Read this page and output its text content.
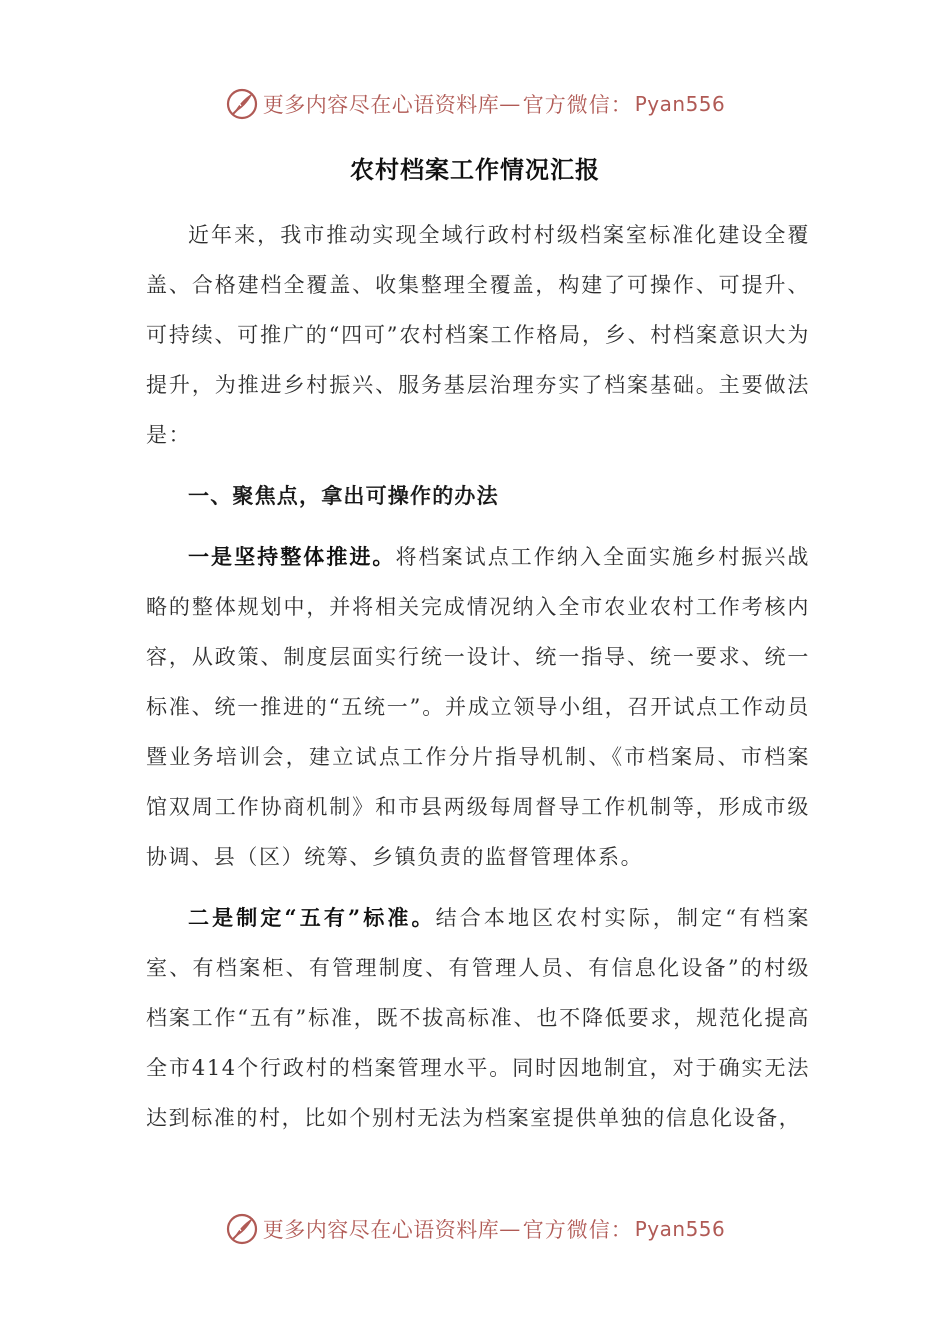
更多内容尽在心语资料库 — 官方微信： Pyan556
农村档案工作情况汇报

近年来，我市推动实现全域行政村村级档案室标准化建设全覆盖、合格建档全覆盖、收集整理全覆盖，构建了可操作、可提升、可持续、可推广的“四可”农村档案工作格局，乡、村档案意识大为提升，为推进乡村振兴、服务基层治理夯实了档案基础。主要做法是：

一、聚焦点，拿出可操作的办法

一是坚持整体推进。将档案试点工作纳入全面实施乡村振兴战略的整体规划中，并将相关完成情况纳入全市农业农村工作考核内容，从政策、制度层面实行统一设计、统一指导、统一要求、统一标准、统一推进的“五统一”。并成立领导小组，召开试点工作动员暨业务培训会，建立试点工作分片指导机制、《市档案局、市档案馆双周工作协商机制》和市县两级每周督导工作机制等，形成市级协调、县（区）统筹、乡镇负责的监督管理体系。

二是制定“五有”标准。结合本地区农村实际，制定“有档案室、有档案柜、有管理制度、有管理人员、有信息化设备”的村级档案工作“五有”标准，既不拔高标准、也不降低要求，规范化提高全市414个行政村的档案管理水平。同时因地制宜，对于确实无法达到标准的村，比如个别村无法为档案室提供单独的信息化设备，

更多内容尽在心语资料库 — 官方微信： Pyan556
